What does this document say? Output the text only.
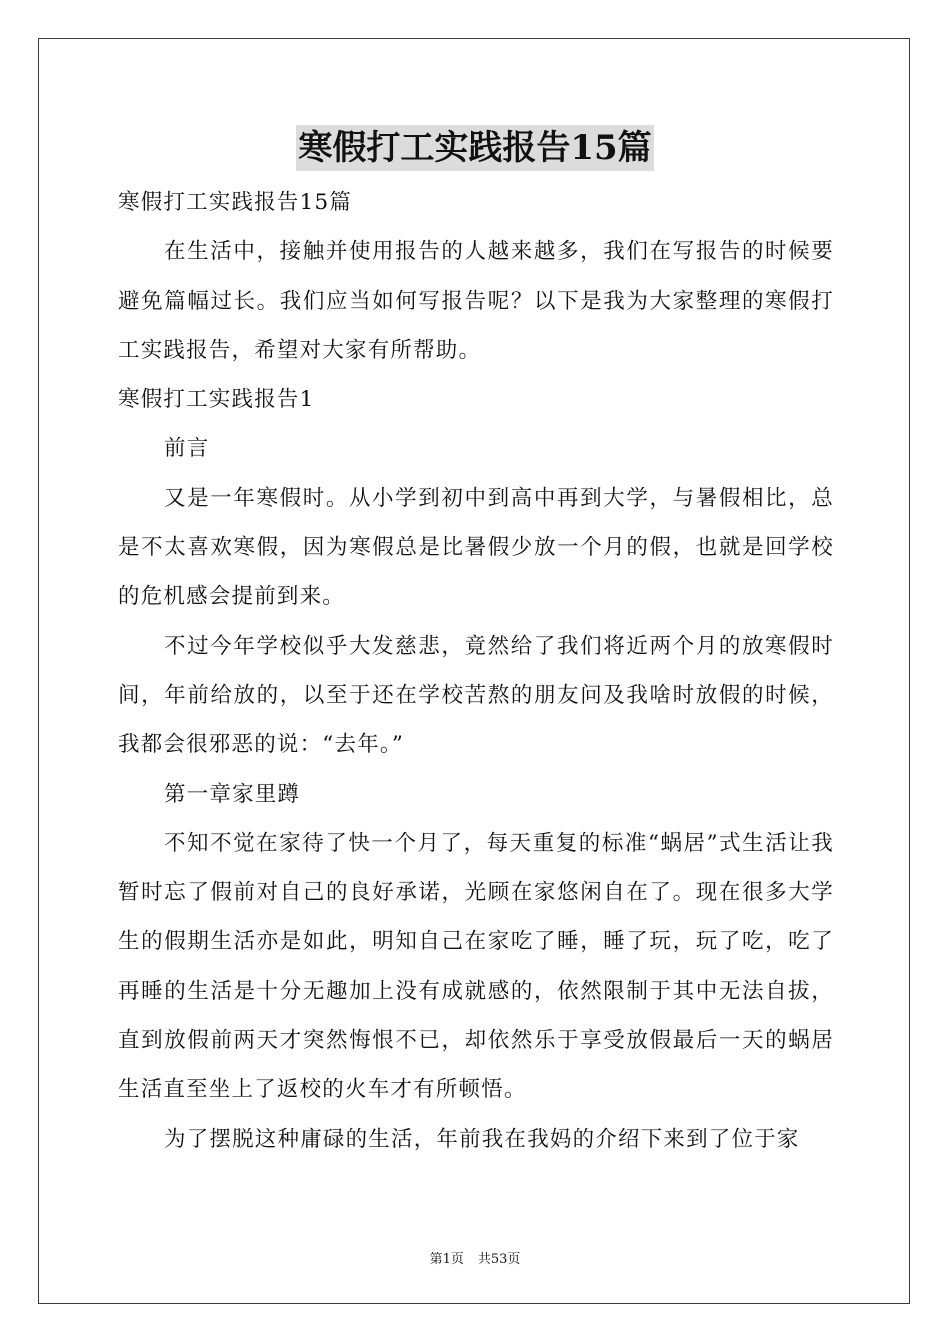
寒假打工实践报告15篇

寒假打工实践报告15篇

在生活中，接触并使用报告的人越来越多，我们在写报告的时候要避免篇幅过长。我们应当如何写报告呢？以下是我为大家整理的寒假打工实践报告，希望对大家有所帮助。

寒假打工实践报告1

前言

又是一年寒假时。从小学到初中到高中再到大学，与暑假相比，总是不太喜欢寒假，因为寒假总是比暑假少放一个月的假，也就是回学校的危机感会提前到来。

不过今年学校似乎大发慈悲，竟然给了我们将近两个月的放寒假时间，年前给放的，以至于还在学校苦熬的朋友问及我啥时放假的时候，我都会很邪恶的说：“去年。”

第一章家里蹲

不知不觉在家待了快一个月了，每天重复的标准“蜗居”式生活让我暂时忘了假前对自己的良好承诺，光顾在家悠闲自在了。现在很多大学生的假期生活亦是如此，明知自己在家吃了睡，睡了玩，玩了吃，吃了再睡的生活是十分无趣加上没有成就感的，依然限制于其中无法自拔，直到放假前两天才突然悔恨不已，却依然乐于享受放假最后一天的蜗居生活直至坐上了返校的火车才有所顿悟。

为了摆脱这种庸碌的生活，年前我在我妈的介绍下来到了位于家

第1页 共53页
